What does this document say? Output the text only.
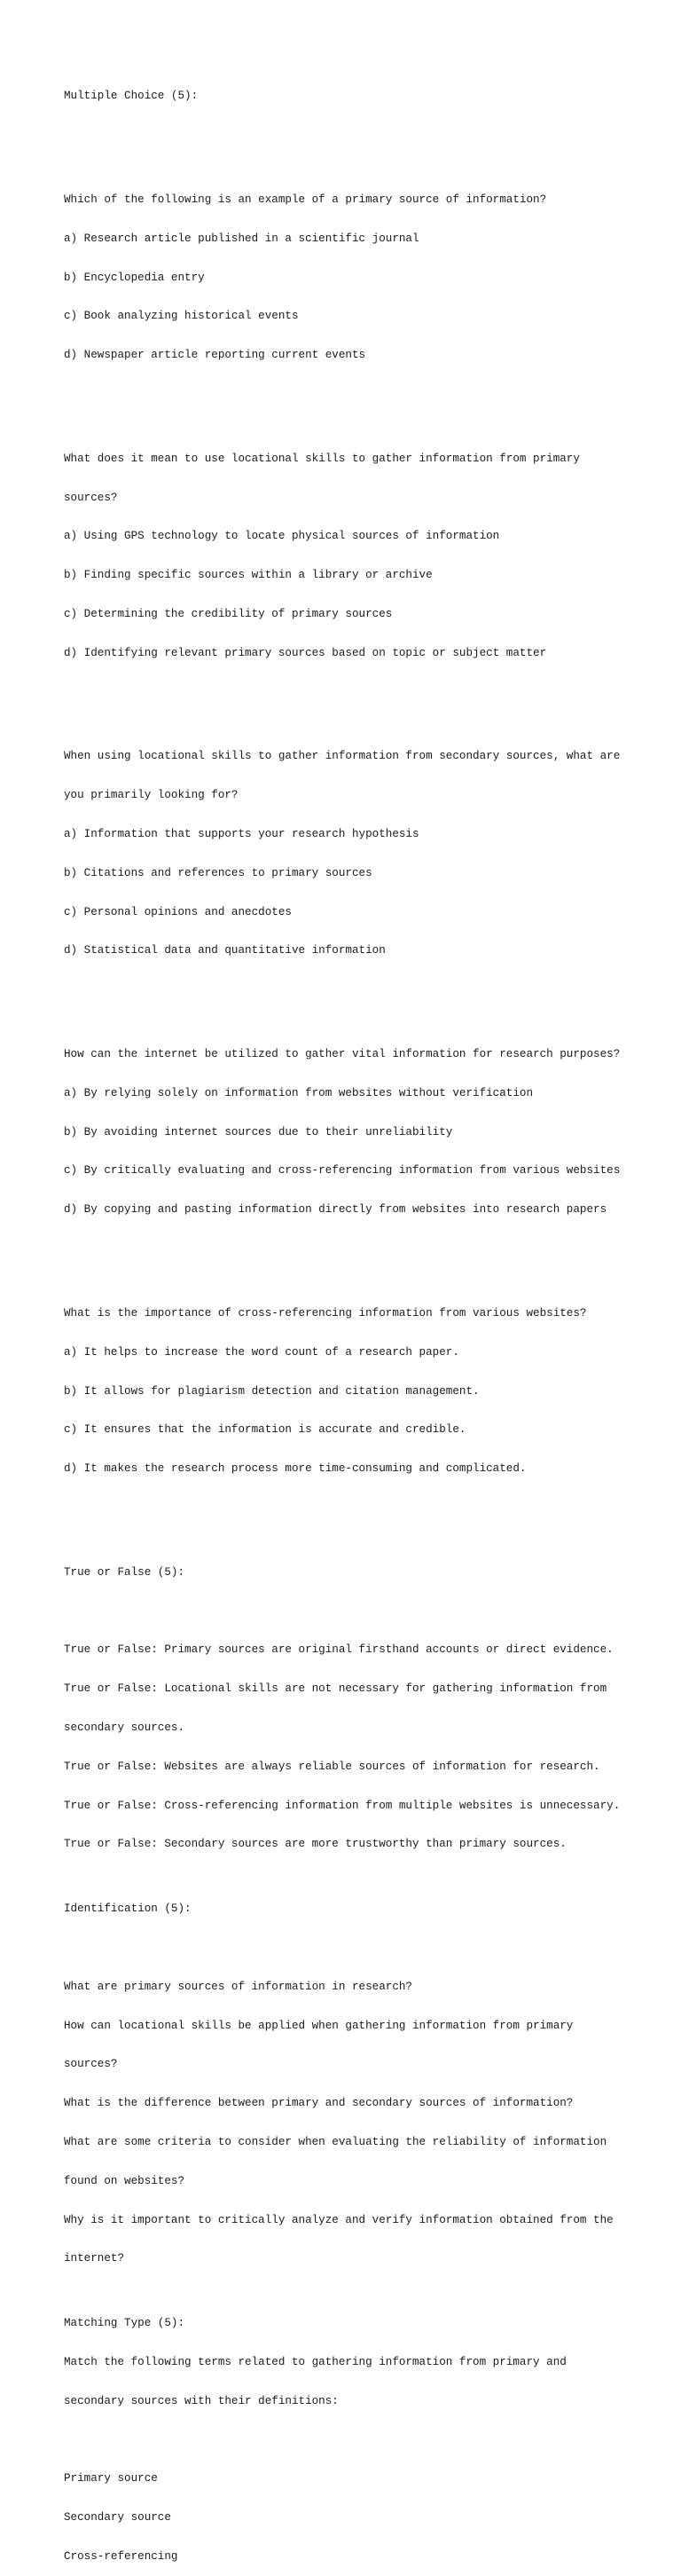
Multiple Choice (5):

Which of the following is an example of a primary source of information?

a) Research article published in a scientific journal

b) Encyclopedia entry

c) Book analyzing historical events

d) Newspaper article reporting current events

What does it mean to use locational skills to gather information from primary

sources?

a) Using GPS technology to locate physical sources of information

b) Finding specific sources within a library or archive

c) Determining the credibility of primary sources

d) Identifying relevant primary sources based on topic or subject matter

When using locational skills to gather information from secondary sources, what are

you primarily looking for?

a) Information that supports your research hypothesis

b) Citations and references to primary sources

c) Personal opinions and anecdotes

d) Statistical data and quantitative information

How can the internet be utilized to gather vital information for research purposes?

a) By relying solely on information from websites without verification

b) By avoiding internet sources due to their unreliability

c) By critically evaluating and cross-referencing information from various websites

d) By copying and pasting information directly from websites into research papers

What is the importance of cross-referencing information from various websites?

a) It helps to increase the word count of a research paper.

b) It allows for plagiarism detection and citation management.

c) It ensures that the information is accurate and credible.

d) It makes the research process more time-consuming and complicated.

True or False (5):

True or False: Primary sources are original firsthand accounts or direct evidence.

True or False: Locational skills are not necessary for gathering information from

secondary sources.

True or False: Websites are always reliable sources of information for research.

True or False: Cross-referencing information from multiple websites is unnecessary.

True or False: Secondary sources are more trustworthy than primary sources.

Identification (5):

What are primary sources of information in research?

How can locational skills be applied when gathering information from primary

sources?

What is the difference between primary and secondary sources of information?

What are some criteria to consider when evaluating the reliability of information

found on websites?

Why is it important to critically analyze and verify information obtained from the

internet?

Matching Type (5):

Match the following terms related to gathering information from primary and

secondary sources with their definitions:

Primary source

Secondary source

Cross-referencing
